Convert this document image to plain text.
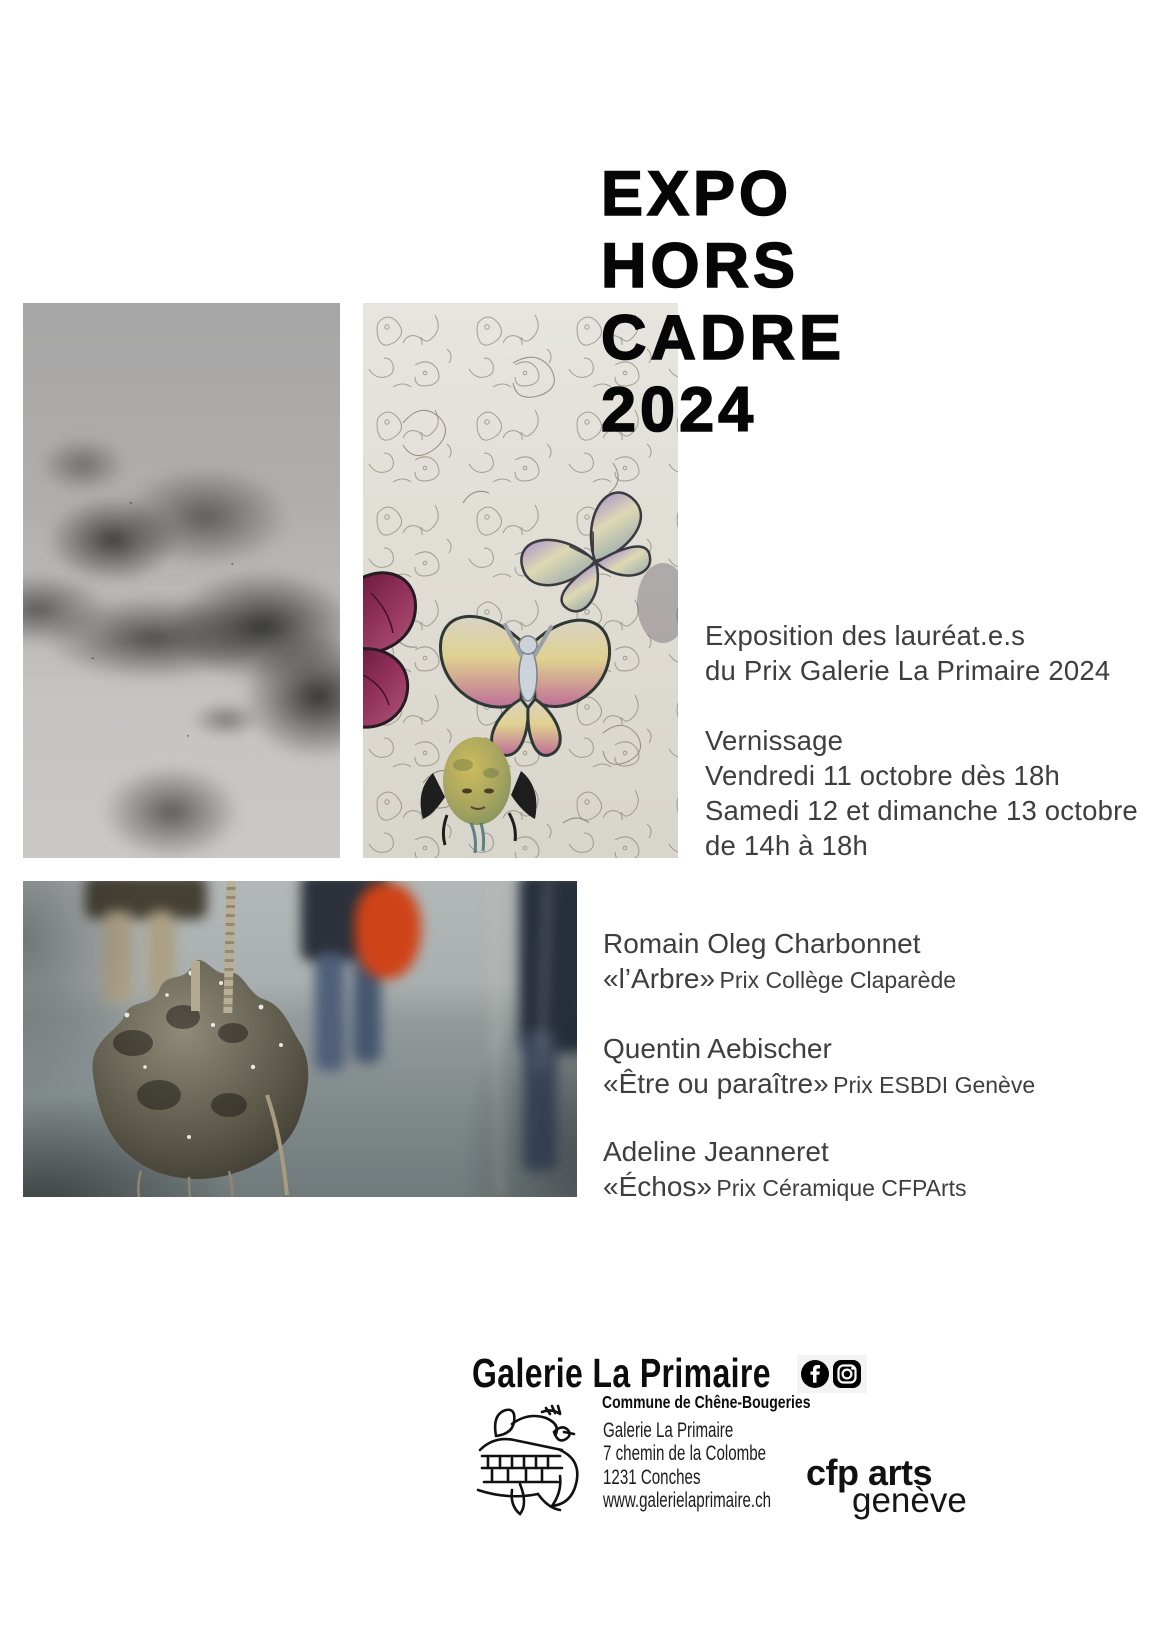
EXPO
HORS
CADRE
2024
Exposition des lauréat.e.s
du Prix Galerie La Primaire 2024
Vernissage
Vendredi 11 octobre dès 18h
Samedi 12 et dimanche 13 octobre
de 14h à 18h
Romain Oleg Charbonnet
«l’Arbre» Prix Collège Claparède
Quentin Aebischer
«Être ou paraître» Prix ESBDI Genève
Adeline Jeanneret
«Échos» Prix Céramique CFPArts
Galerie La Primaire
Commune de Chêne-Bougeries
Galerie La Primaire
7 chemin de la Colombe
1231 Conches
www.galerielaprimaire.ch
cfp arts
genève
